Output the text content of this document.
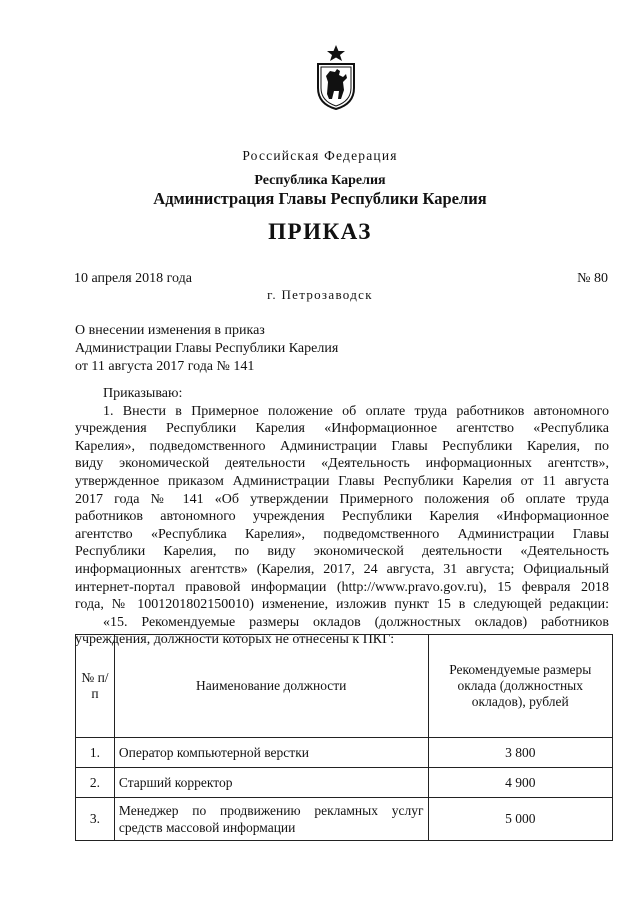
Российская Федерация
Республика Карелия
Администрация Главы Республики Карелия
ПРИКАЗ
10 апреля 2018 года	№ 80
г. Петрозаводск
О внесении изменения в приказ
Администрации Главы Республики Карелия
от 11 августа 2017 года № 141
Приказываю:
1. Внести в Примерное положение об оплате труда работников автономного
учреждения Республики Карелия «Информационное агентство «Республика
Карелия», подведомственного Администрации Главы Республики Карелия, по
виду экономической деятельности «Деятельность информационных агентств»,
утвержденное приказом Администрации Главы Республики Карелия от 11 августа
2017 года № 141 «Об утверждении Примерного положения об оплате труда
работников автономного учреждения Республики Карелия «Информационное
агентство «Республика Карелия», подведомственного Администрации Главы
Республики Карелия, по виду экономической деятельности «Деятельность
информационных агентств» (Карелия, 2017, 24 августа, 31 августа; Официальный
интернет-портал правовой информации (http://www.pravo.gov.ru), 15 февраля 2018
года, № 1001201802150010) изменение, изложив пункт 15 в следующей редакции:
«15. Рекомендуемые размеры окладов (должностных окладов) работников
учреждения, должности которых не отнесены к ПКГ:
№ п/п	Наименование должности	Рекомендуемые размеры оклада (должностных окладов), рублей
1.	Оператор компьютерной верстки	3 800
2.	Старший корректор	4 900
3.	Менеджер по продвижению рекламных услуг средств массовой информации	5 000
